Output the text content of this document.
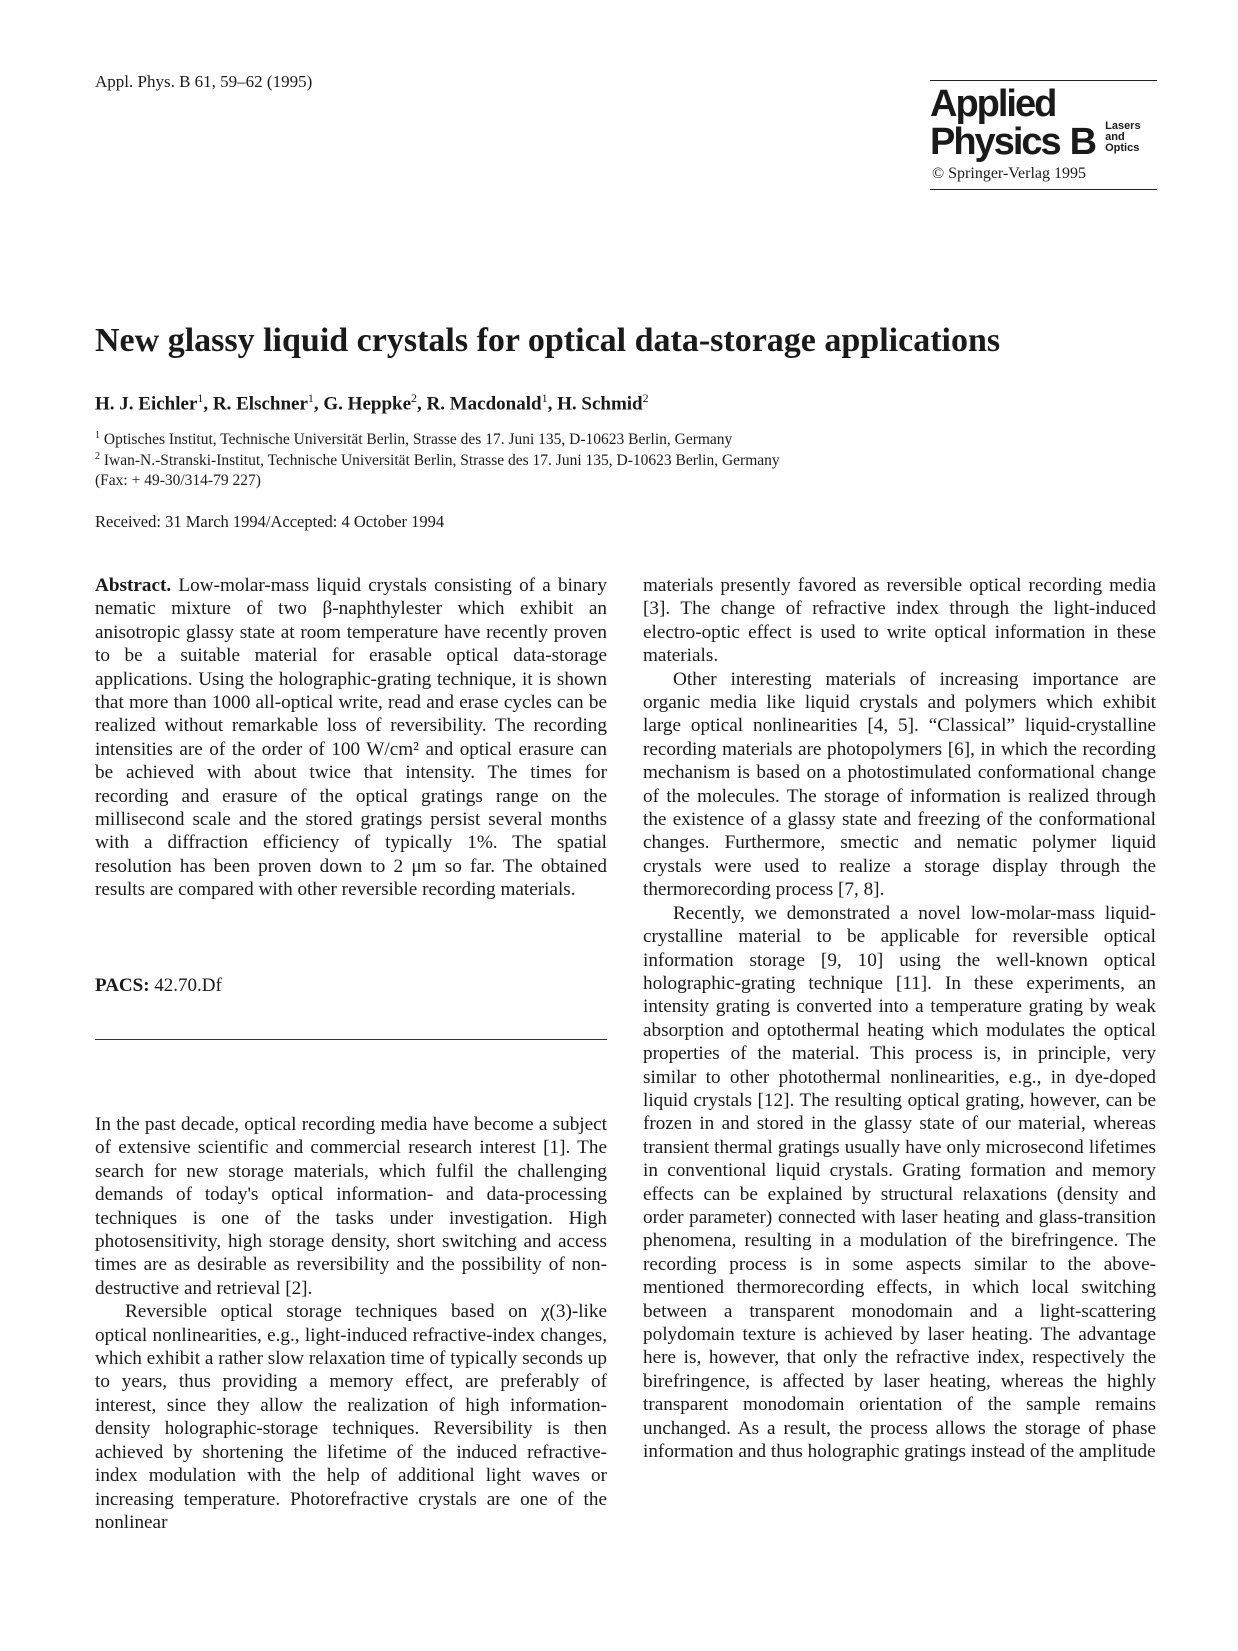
Appl. Phys. B 61, 59–62 (1995)
Applied
Physics B Lasers
and Optics
© Springer-Verlag 1995
New glassy liquid crystals for optical data-storage applications
H. J. Eichler$^1$, R. Elschner$^1$, G. Heppke$^2$, R. Macdonald$^1$, H. Schmid$^2$
$^1$ Optisches Institut, Technische Universität Berlin, Strasse des 17. Juni 135, D-10623 Berlin, Germany
$^2$ Iwan-N.-Stranski-Institut, Technische Universität Berlin, Strasse des 17. Juni 135, D-10623 Berlin, Germany
(Fax: + 49-30/314-79 227)
Received: 31 March 1994/Accepted: 4 October 1994

Abstract. Low-molar-mass liquid crystals consisting of a binary nematic mixture of two β-naphthylester which exhibit an anisotropic glassy state at room temperature have recently proven to be a suitable material for erasable optical data-storage applications. Using the holographic-grating technique, it is shown that more than 1000 all-optical write, read and erase cycles can be realized without remarkable loss of reversibility. The recording intensities are of the order of 100 W/cm² and optical erasure can be achieved with about twice that intensity. The times for recording and erasure of the optical gratings range on the millisecond scale and the stored gratings persist several months with a diffraction efficiency of typically 1%. The spatial resolution has been proven down to 2 μm so far. The obtained results are compared with other reversible recording materials.

PACS: 42.70.Df

In the past decade, optical recording media have become a subject of extensive scientific and commercial research interest [1]. The search for new storage materials, which fulfil the challenging demands of today's optical information- and data-processing techniques is one of the tasks under investigation. High photosensitivity, high storage density, short switching and access times are as desirable as reversibility and the possibility of non-destructive and retrieval [2].

Reversible optical storage techniques based on χ(3)-like optical nonlinearities, e.g., light-induced refractive-index changes, which exhibit a rather slow relaxation time of typically seconds up to years, thus providing a memory effect, are preferably of interest, since they allow the realization of high information-density holographic-storage techniques. Reversibility is then achieved by shortening the lifetime of the induced refractive-index modulation with the help of additional light waves or increasing temperature. Photorefractive crystals are one of the nonlinear

materials presently favored as reversible optical recording media [3]. The change of refractive index through the light-induced electro-optic effect is used to write optical information in these materials.

Other interesting materials of increasing importance are organic media like liquid crystals and polymers which exhibit large optical nonlinearities [4, 5]. “Classical” liquid-crystalline recording materials are photopolymers [6], in which the recording mechanism is based on a photostimulated conformational change of the molecules. The storage of information is realized through the existence of a glassy state and freezing of the conformational changes. Furthermore, smectic and nematic polymer liquid crystals were used to realize a storage display through the thermorecording process [7, 8].

Recently, we demonstrated a novel low-molar-mass liquid-crystalline material to be applicable for reversible optical information storage [9, 10] using the well-known optical holographic-grating technique [11]. In these experiments, an intensity grating is converted into a temperature grating by weak absorption and optothermal heating which modulates the optical properties of the material. This process is, in principle, very similar to other photothermal nonlinearities, e.g., in dye-doped liquid crystals [12]. The resulting optical grating, however, can be frozen in and stored in the glassy state of our material, whereas transient thermal gratings usually have only microsecond lifetimes in conventional liquid crystals. Grating formation and memory effects can be explained by structural relaxations (density and order parameter) connected with laser heating and glass-transition phenomena, resulting in a modulation of the birefringence. The recording process is in some aspects similar to the above-mentioned thermorecording effects, in which local switching between a transparent monodomain and a light-scattering polydomain texture is achieved by laser heating. The advantage here is, however, that only the refractive index, respectively the birefringence, is affected by laser heating, whereas the highly transparent monodomain orientation of the sample remains unchanged. As a result, the process allows the storage of phase information and thus holographic gratings instead of the amplitude
